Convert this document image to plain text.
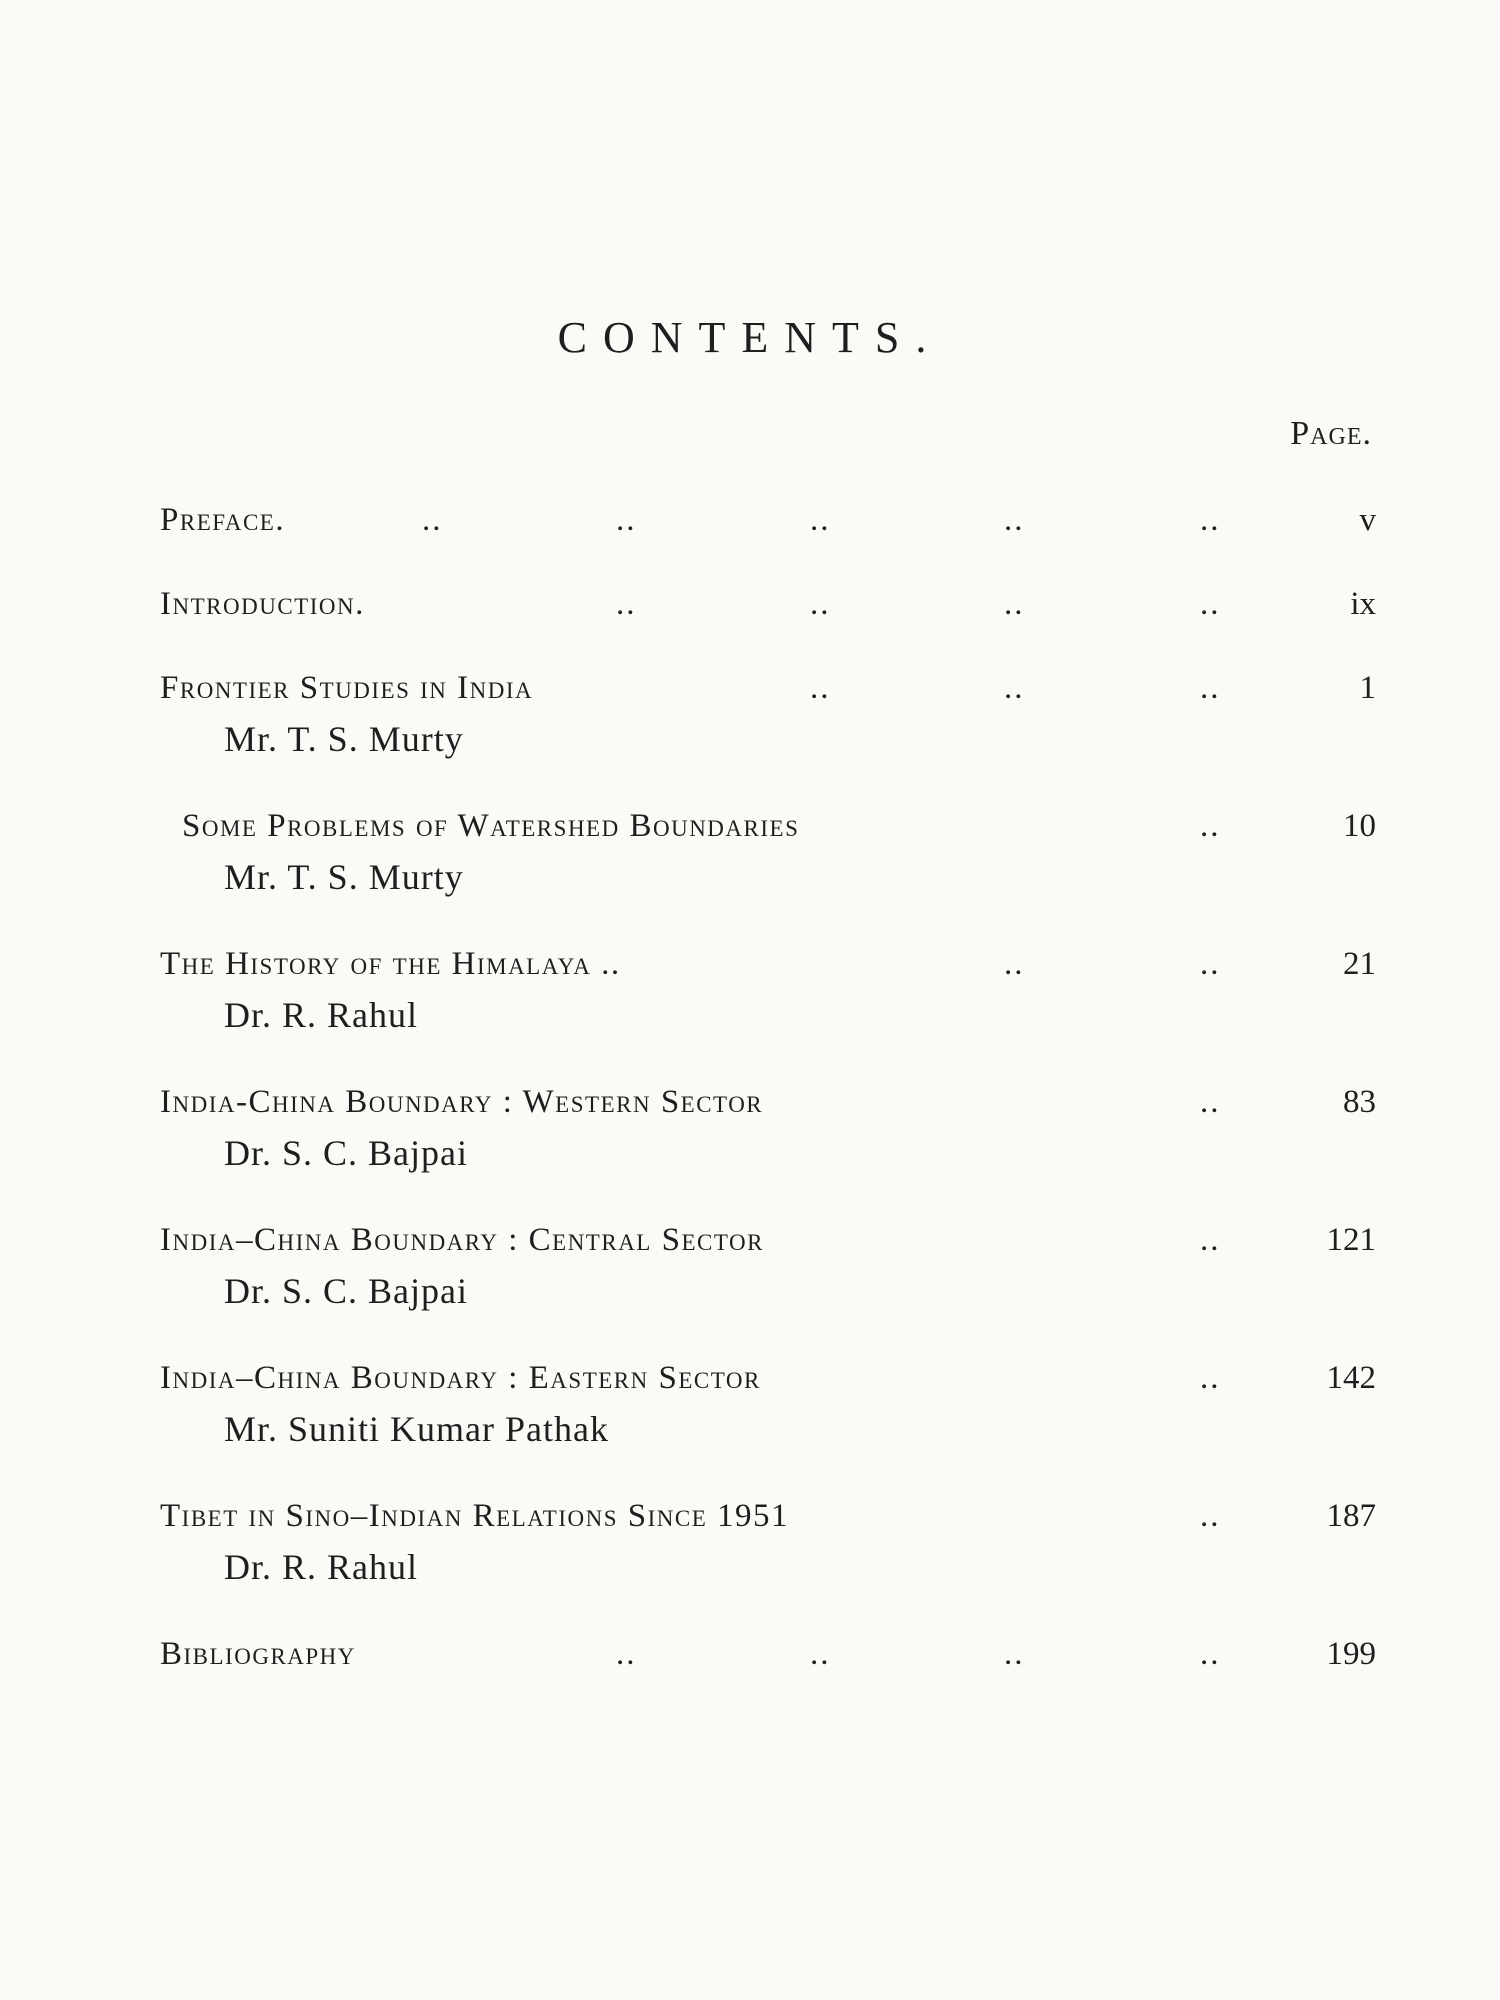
CONTENTS.
Page.
Preface.	..	..	..	..	..	v
Introduction.	..	..	..	..	ix
Frontier Studies in India	..	..	..	1
Mr. T. S. Murty
Some Problems of Watershed Boundaries	..	10
Mr. T. S. Murty
The History of the Himalaya ..	..	..	21
Dr. R. Rahul
India-China Boundary : Western Sector	..	83
Dr. S. C. Bajpai
India–China Boundary : Central Sector	..	121
Dr. S. C. Bajpai
India–China Boundary : Eastern Sector	..	142
Mr. Suniti Kumar Pathak
Tibet in Sino–Indian Relations Since 1951	..	187
Dr. R. Rahul
Bibliography	..	..	..	..	199
